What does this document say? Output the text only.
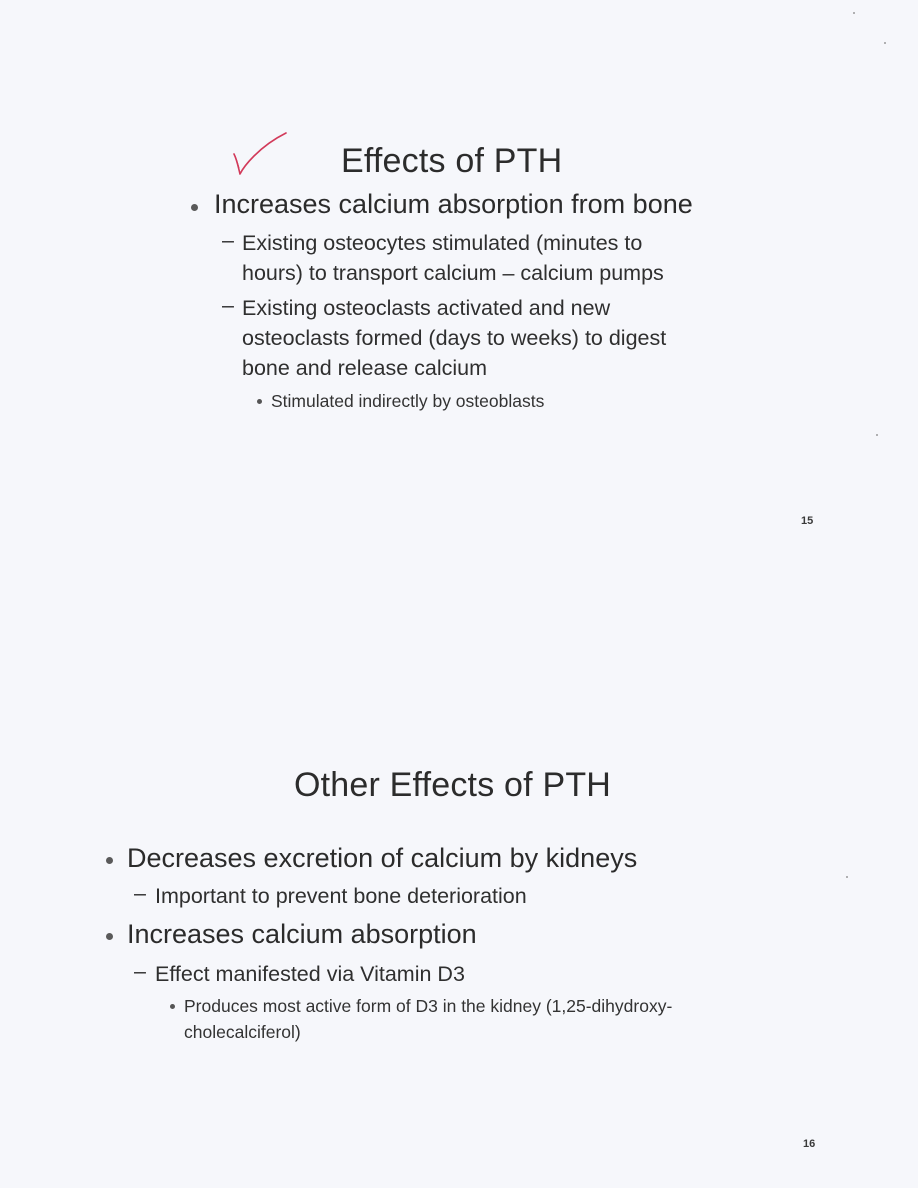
Effects of PTH
Increases calcium absorption from bone
– Existing osteocytes stimulated (minutes to
hours) to transport calcium – calcium pumps
– Existing osteoclasts activated and new
osteoclasts formed (days to weeks) to digest
bone and release calcium
Stimulated indirectly by osteoblasts
15
Other Effects of PTH
Decreases excretion of calcium by kidneys
– Important to prevent bone deterioration
Increases calcium absorption
– Effect manifested via Vitamin D3
Produces most active form of D3 in the kidney (1,25-dihydroxy-
cholecalciferol)
16
